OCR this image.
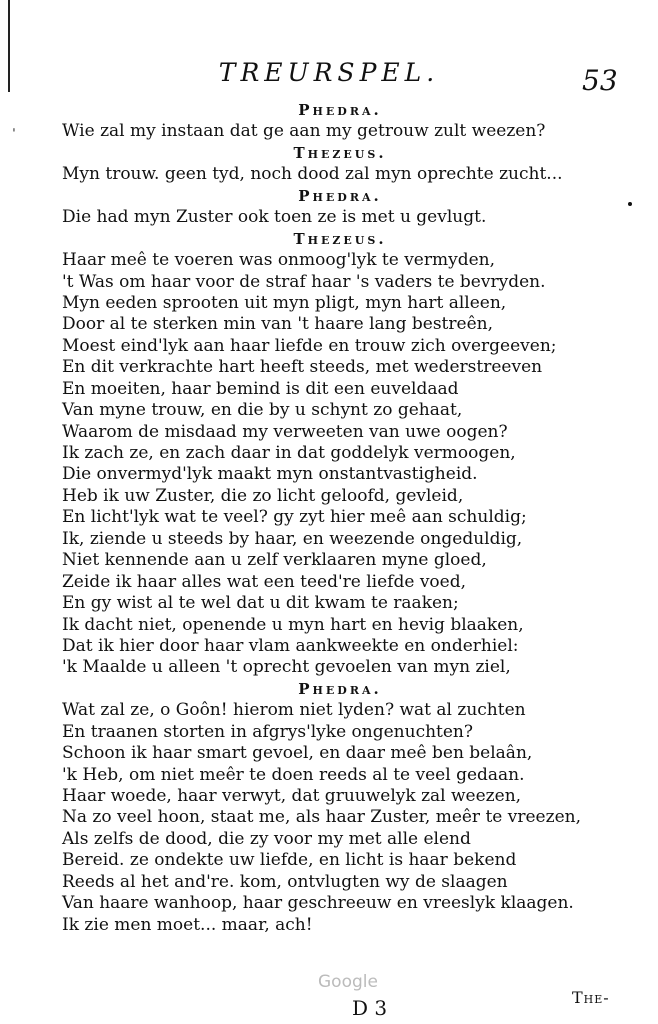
ˌ
TREURSPEL.	53
Phedra.
Wie zal my instaan dat ge aan my getrouw zult weezen?
Thezeus.
Myn trouw. geen tyd, noch dood zal myn oprechte zucht...
Phedra.
Die had myn Zuster ook toen ze is met u gevlugt.
Thezeus.
Haar meê te voeren was onmoog'lyk te vermyden,
't Was om haar voor de straf haar 's vaders te bevryden.
Myn eeden sprooten uit myn pligt, myn hart alleen,
Door al te sterken min van 't haare lang bestreên,
Moest eind'lyk aan haar liefde en trouw zich overgeeven;
En dit verkrachte hart heeft steeds, met wederstreeven
En moeiten, haar bemind is dit een euveldaad
Van myne trouw, en die by u schynt zo gehaat,
Waarom de misdaad my verweeten van uwe oogen?
Ik zach ze, en zach daar in dat goddelyk vermoogen,
Die onvermyd'lyk maakt myn onstantvastigheid.
Heb ik uw Zuster, die zo licht geloofd, gevleid,
En licht'lyk wat te veel? gy zyt hier meê aan schuldig;
Ik, ziende u steeds by haar, en weezende ongeduldig,
Niet kennende aan u zelf verklaaren myne gloed,
Zeide ik haar alles wat een teed're liefde voed,
En gy wist al te wel dat u dit kwam te raaken;
Ik dacht niet, openende u myn hart en hevig blaaken,
Dat ik hier door haar vlam aankweekte en onderhiel:
'k Maalde u alleen 't oprecht gevoelen van myn ziel,
Phedra.
Wat zal ze, o Goôn! hierom niet lyden? wat al zuchten
En traanen storten in afgrys'lyke ongenuchten?
Schoon ik haar smart gevoel, en daar meê ben belaân,
'k Heb, om niet meêr te doen reeds al te veel gedaan.
Haar woede, haar verwyt, dat gruuwelyk zal weezen,
Na zo veel hoon, staat me, als haar Zuster, meêr te vreezen,
Als zelfs de dood, die zy voor my met alle elend
Bereid. ze ondekte uw liefde, en licht is haar bekend
Reeds al het and're. kom, ontvlugten wy de slaagen
Van haare wanhoop, haar geschreeuw en vreeslyk klaagen.
Ik zie men moet... maar, ach!
Google
D 3	The-
